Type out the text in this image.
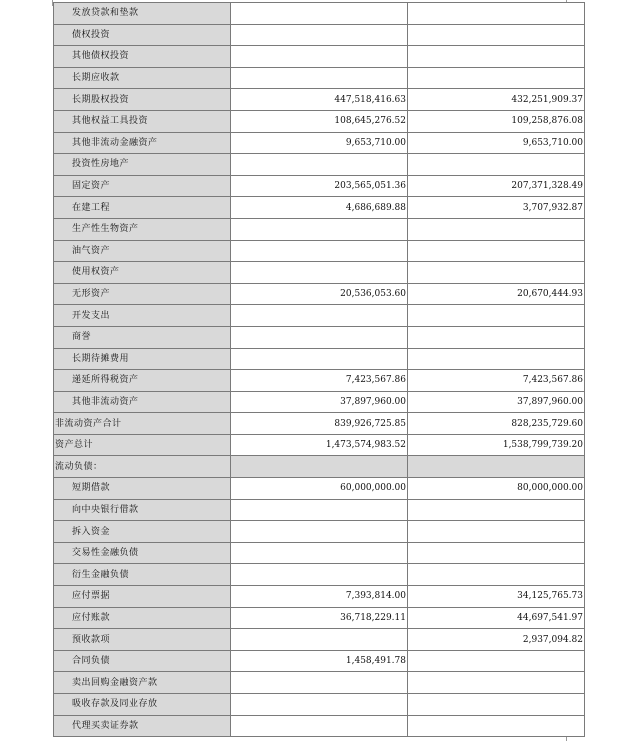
发放贷款和垫款		
债权投资		
其他债权投资		
长期应收款		
长期股权投资	447,518,416.63	432,251,909.37
其他权益工具投资	108,645,276.52	109,258,876.08
其他非流动金融资产	9,653,710.00	9,653,710.00
投资性房地产		
固定资产	203,565,051.36	207,371,328.49
在建工程	4,686,689.88	3,707,932.87
生产性生物资产		
油气资产		
使用权资产		
无形资产	20,536,053.60	20,670,444.93
开发支出		
商誉		
长期待摊费用		
递延所得税资产	7,423,567.86	7,423,567.86
其他非流动资产	37,897,960.00	37,897,960.00
非流动资产合计	839,926,725.85	828,235,729.60
资产总计	1,473,574,983.52	1,538,799,739.20
流动负债：		
短期借款	60,000,000.00	80,000,000.00
向中央银行借款		
拆入资金		
交易性金融负债		
衍生金融负债		
应付票据	7,393,814.00	34,125,765.73
应付账款	36,718,229.11	44,697,541.97
预收款项		2,937,094.82
合同负债	1,458,491.78	
卖出回购金融资产款		
吸收存款及同业存放		
代理买卖证券款		
